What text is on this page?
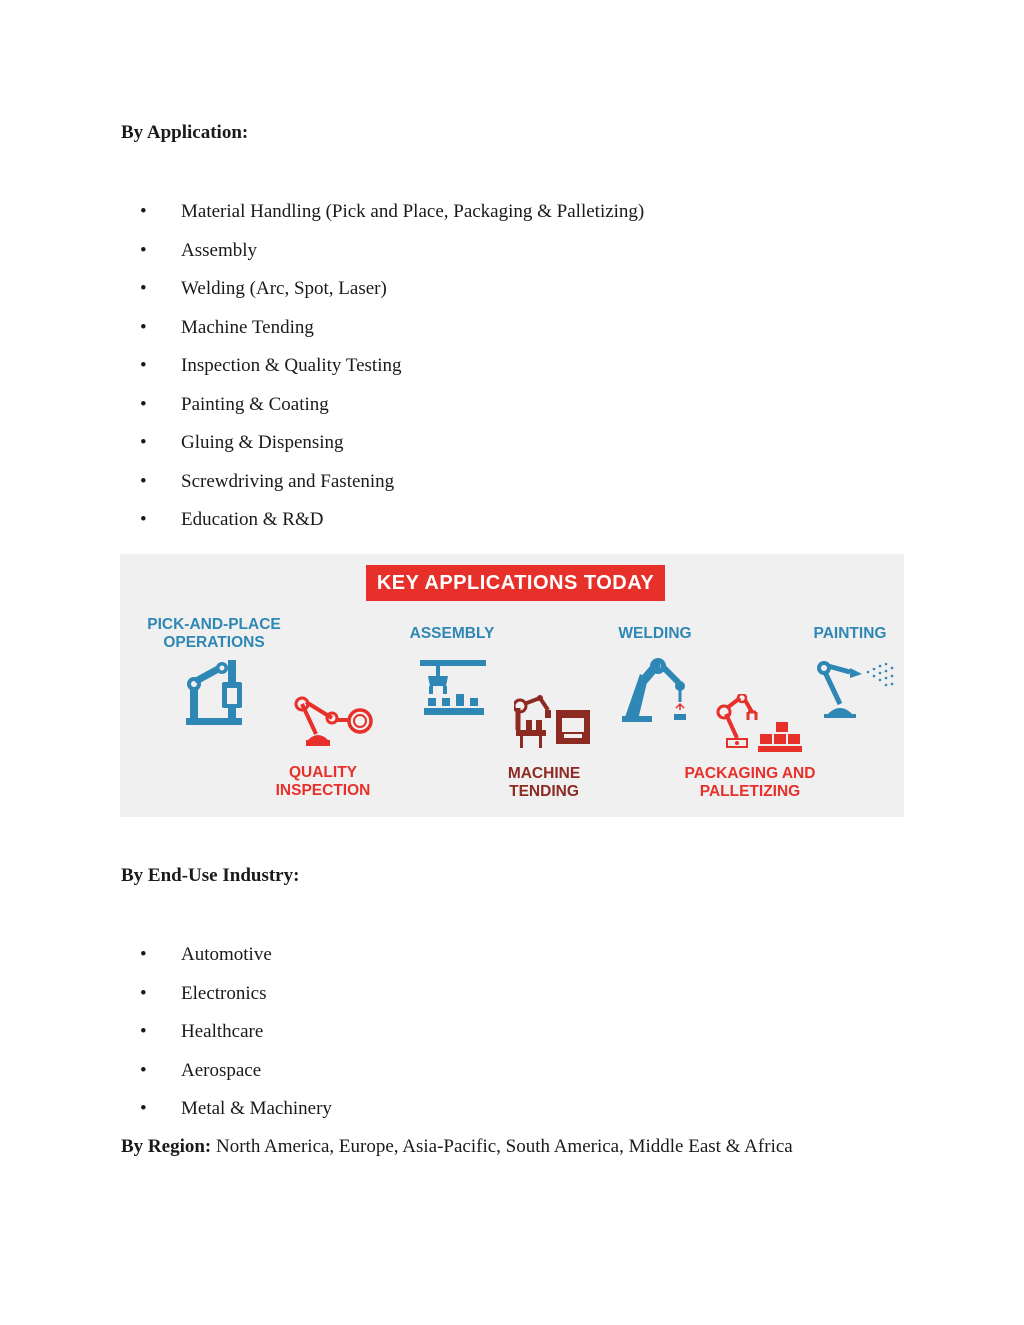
By Application:
• Material Handling (Pick and Place, Packaging & Palletizing)
• Assembly
• Welding (Arc, Spot, Laser)
• Machine Tending
• Inspection & Quality Testing
• Painting & Coating
• Gluing & Dispensing
• Screwdriving and Fastening
• Education & R&D
KEY APPLICATIONS TODAY
PICK-AND-PLACE
OPERATIONS
ASSEMBLY	WELDING	PAINTING
QUALITY
INSPECTION
MACHINE
TENDING
PACKAGING AND
PALLETIZING
By End-Use Industry:
• Automotive
• Electronics
• Healthcare
• Aerospace
• Metal & Machinery

By Region: North America, Europe, Asia-Pacific, South America, Middle East & Africa
